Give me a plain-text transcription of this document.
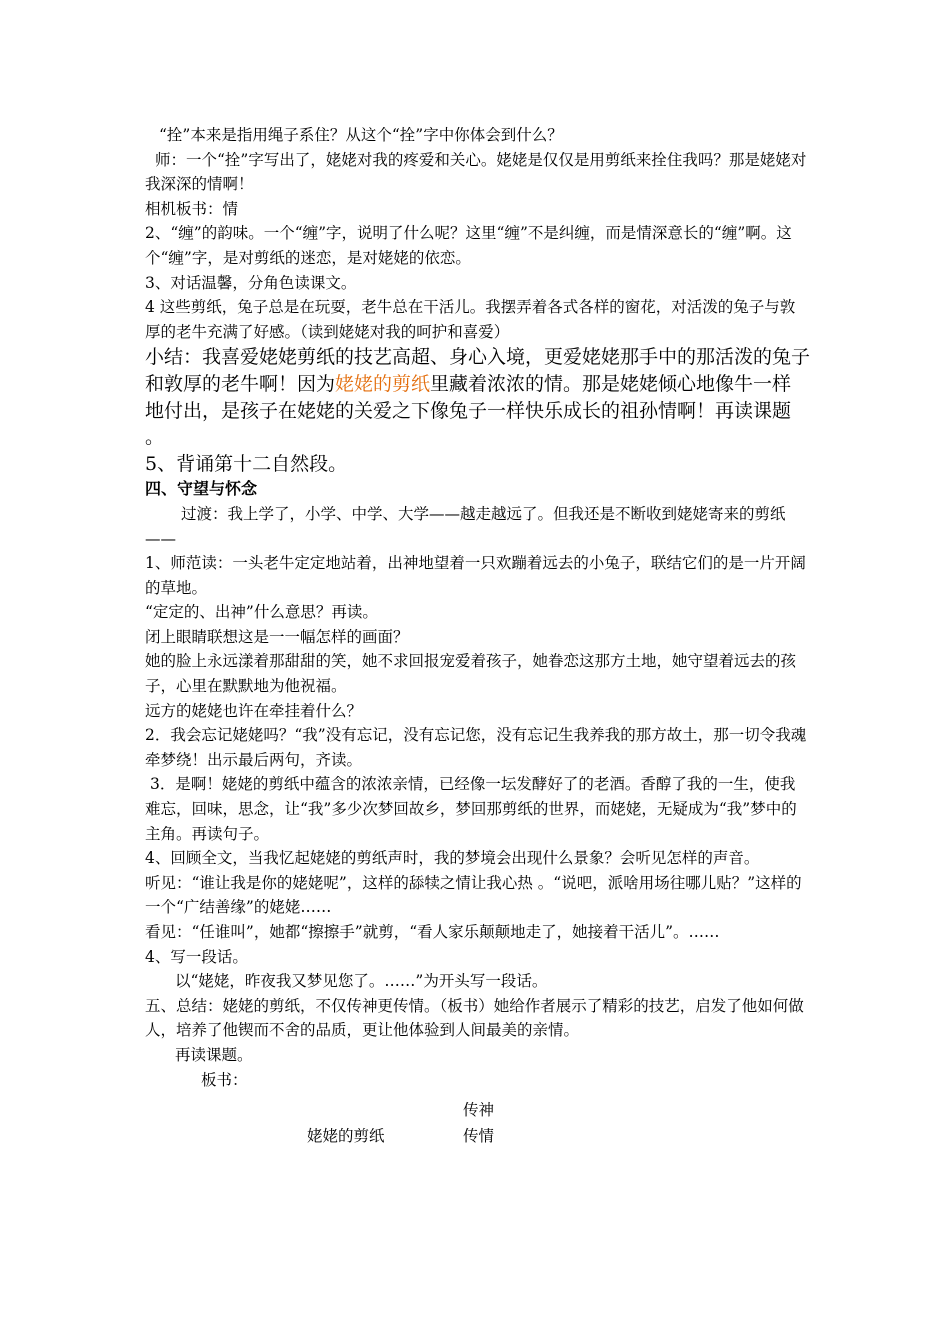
“拴”本来是指用绳子系住？从这个“拴”字中你体会到什么？

师：一个“拴”字写出了，姥姥对我的疼爱和关心。姥姥是仅仅是用剪纸来拴住我吗？那是姥姥对我深深的情啊！

相机板书：情

2、“缠”的韵味。一个“缠”字，说明了什么呢？这里“缠”不是纠缠，而是情深意长的“缠”啊。这个“缠”字，是对剪纸的迷恋，是对姥姥的依恋。

3、对话温馨，分角色读课文。

4 这些剪纸，兔子总是在玩耍，老牛总在干活儿。我摆弄着各式各样的窗花，对活泼的兔子与敦厚的老牛充满了好感。（读到姥姥对我的呵护和喜爱）

小结：我喜爱姥姥剪纸的技艺高超、身心入境，更爱姥姥那手中的那活泼的兔子和敦厚的老牛啊！因为姥姥的剪纸里藏着浓浓的情。那是姥姥倾心地像牛一样地付出，是孩子在姥姥的关爱之下像兔子一样快乐成长的祖孙情啊！再读课题 。

5、背诵第十二自然段。

四、守望与怀念

过渡：我上学了，小学、中学、大学——越走越远了。但我还是不断收到姥姥寄来的剪纸——

1、师范读：一头老牛定定地站着，出神地望着一只欢蹦着远去的小兔子，联结它们的是一片开阔的草地。

“定定的、出神”什么意思？再读。

闭上眼睛联想这是一一幅怎样的画面？

她的脸上永远漾着那甜甜的笑，她不求回报宠爱着孩子，她眷恋这那方土地，她守望着远去的孩子，心里在默默地为他祝福。

远方的姥姥也许在牵挂着什么？

2．我会忘记姥姥吗？“我”没有忘记，没有忘记您，没有忘记生我养我的那方故土，那一切令我魂牵梦绕！出示最后两句，齐读。

3．是啊！姥姥的剪纸中蕴含的浓浓亲情，已经像一坛发酵好了的老酒。香醇了我的一生，使我难忘，回味，思念，让“我”多少次梦回故乡，梦回那剪纸的世界，而姥姥，无疑成为“我”梦中的主角。再读句子。

4、回顾全文，当我忆起姥姥的剪纸声时，我的梦境会出现什么景象？会听见怎样的声音。

听见：“谁让我是你的姥姥呢”，这样的舔犊之情让我心热 。“说吧，派啥用场往哪儿贴？”这样的一个“广结善缘”的姥姥……

看见：“任谁叫”，她都“擦擦手”就剪，“看人家乐颠颠地走了，她接着干活儿”。……

4、写一段话。

以“姥姥，昨夜我又梦见您了。……”为开头写一段话。

五、总结：姥姥的剪纸，不仅传神更传情。（板书）她给作者展示了精彩的技艺，启发了他如何做人，培养了他锲而不舍的品质，更让他体验到人间最美的亲情。

再读课题。

板书：

传神
姥姥的剪纸	传情
